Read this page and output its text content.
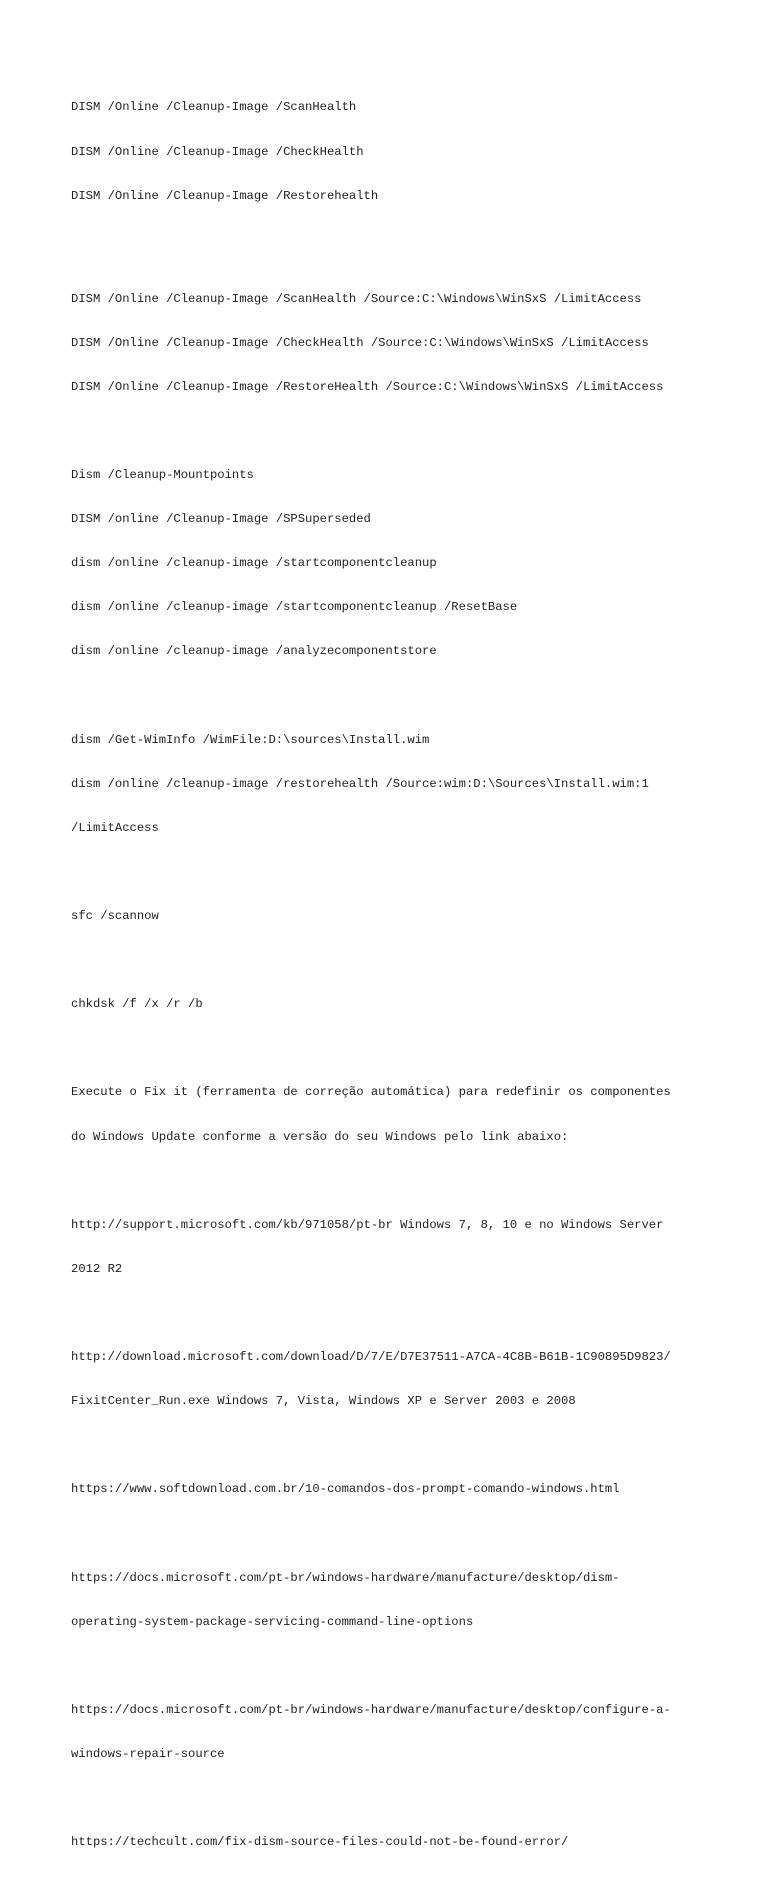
DISM /Online /Cleanup-Image /ScanHealth

DISM /Online /Cleanup-Image /CheckHealth

DISM /Online /Cleanup-Image /Restorehealth

DISM /Online /Cleanup-Image /ScanHealth /Source:C:\Windows\WinSxS /LimitAccess

DISM /Online /Cleanup-Image /CheckHealth /Source:C:\Windows\WinSxS /LimitAccess

DISM /Online /Cleanup-Image /RestoreHealth /Source:C:\Windows\WinSxS /LimitAccess

Dism /Cleanup-Mountpoints

DISM /online /Cleanup-Image /SPSuperseded

dism /online /cleanup-image /startcomponentcleanup

dism /online /cleanup-image /startcomponentcleanup /ResetBase

dism /online /cleanup-image /analyzecomponentstore

dism /Get-WimInfo /WimFile:D:\sources\Install.wim

dism /online /cleanup-image /restorehealth /Source:wim:D:\Sources\Install.wim:1

/LimitAccess

sfc /scannow

chkdsk /f /x /r /b

Execute o Fix it (ferramenta de correção automática) para redefinir os componentes

do Windows Update conforme a versão do seu Windows pelo link abaixo:

http://support.microsoft.com/kb/971058/pt-br Windows 7, 8, 10 e no Windows Server

2012 R2

http://download.microsoft.com/download/D/7/E/D7E37511-A7CA-4C8B-B61B-1C90895D9823/

FixitCenter_Run.exe Windows 7, Vista, Windows XP e Server 2003 e 2008

https://www.softdownload.com.br/10-comandos-dos-prompt-comando-windows.html

https://docs.microsoft.com/pt-br/windows-hardware/manufacture/desktop/dism-

operating-system-package-servicing-command-line-options

https://docs.microsoft.com/pt-br/windows-hardware/manufacture/desktop/configure-a-

windows-repair-source

https://techcult.com/fix-dism-source-files-could-not-be-found-error/
